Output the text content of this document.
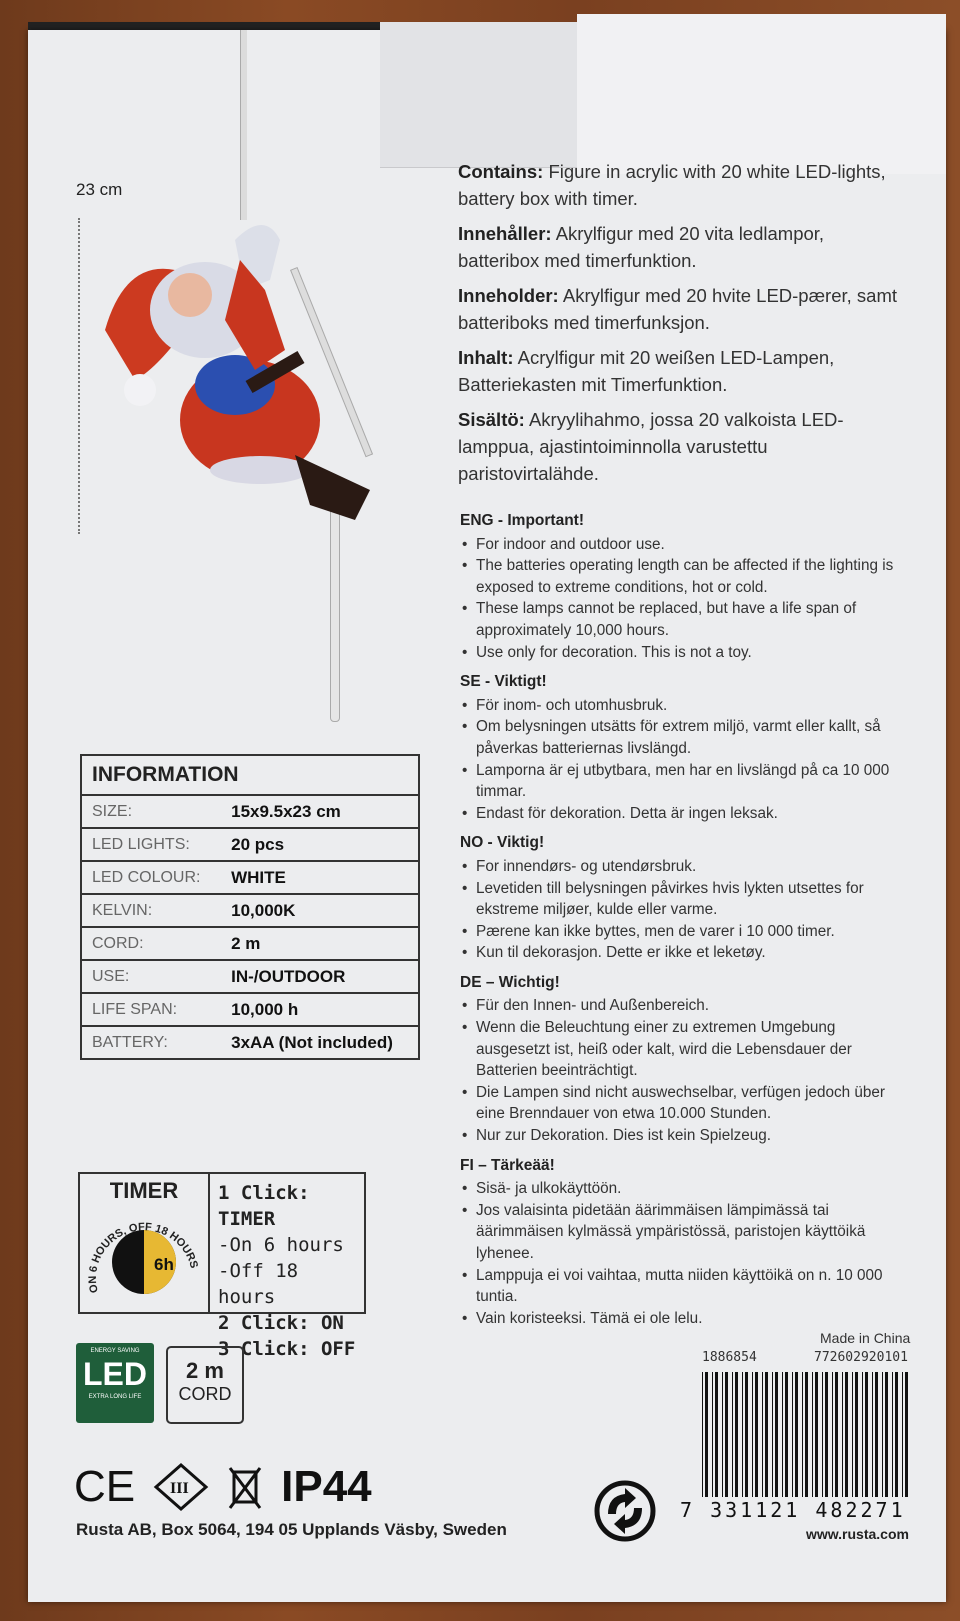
23 cm

Contains: Figure in acrylic with 20 white LED-lights, battery box with timer.

Innehåller: Akrylfigur med 20 vita ledlampor, batteribox med timerfunktion.

Inneholder: Akrylfigur med 20 hvite LED-pærer, samt batteriboks med timerfunksjon.

Inhalt: Acrylfigur mit 20 weißen LED-Lampen, Batteriekasten mit Timerfunktion.

Sisältö: Akryylihahmo, jossa 20 valkoista LED-lamppua, ajastintoiminnolla varustettu paristovirtalähde.

ENG - Important!
• For indoor and outdoor use.
• The batteries operating length can be affected if the lighting is exposed to extreme conditions, hot or cold.
• These lamps cannot be replaced, but have a life span of approximately 10,000 hours.
• Use only for decoration. This is not a toy.
SE - Viktigt!
• För inom- och utomhusbruk.
• Om belysningen utsätts för extrem miljö, varmt eller kallt, så påverkas batteriernas livslängd.
• Lamporna är ej utbytbara, men har en livslängd på ca 10 000 timmar.
• Endast för dekoration. Detta är ingen leksak.
NO - Viktig!
• For innendørs- og utendørsbruk.
• Levetiden till belysningen påvirkes hvis lykten utsettes for ekstreme miljøer, kulde eller varme.
• Pærene kan ikke byttes, men de varer i 10 000 timer.
• Kun til dekorasjon. Dette er ikke et leketøy.
DE – Wichtig!
• Für den Innen- und Außenbereich.
• Wenn die Beleuchtung einer zu extremen Umgebung ausgesetzt ist, heiß oder kalt, wird die Lebensdauer der Batterien beeinträchtigt.
• Die Lampen sind nicht auswechselbar, verfügen jedoch über eine Brenndauer von etwa 10.000 Stunden.
• Nur zur Dekoration. Dies ist kein Spielzeug.
FI – Tärkeää!
• Sisä- ja ulkokäyttöön.
• Jos valaisinta pidetään äärimmäisen lämpimässä tai äärimmäisen kylmässä ympäristössä, paristojen käyttöikä lyhenee.
• Lamppuja ei voi vaihtaa, mutta niiden käyttöikä on n. 10 000 tuntia.
• Vain koristeeksi. Tämä ei ole lelu.
INFORMATION	
SIZE:	15x9.5x23 cm
LED LIGHTS:	20 pcs
LED COLOUR:	WHITE
KELVIN:	10,000K
CORD:	2 m
USE:	IN-/OUTDOOR
LIFE SPAN:	10,000 h
BATTERY:	3xAA (Not included)
TIMER
6h
ON 6 HOURS, OFF 18 HOURS
1 Click: TIMER
-On 6 hours
-Off 18 hours
2 Click: ON
3 Click: OFF
ENERGY SAVING
LED
EXTRA LONG LIFE
2 m
CORD
CE III IP44
Rusta AB, Box 5064, 194 05 Upplands Väsby, Sweden
Made in China
1886854	772602920101
7 331121 482271
www.rusta.com
